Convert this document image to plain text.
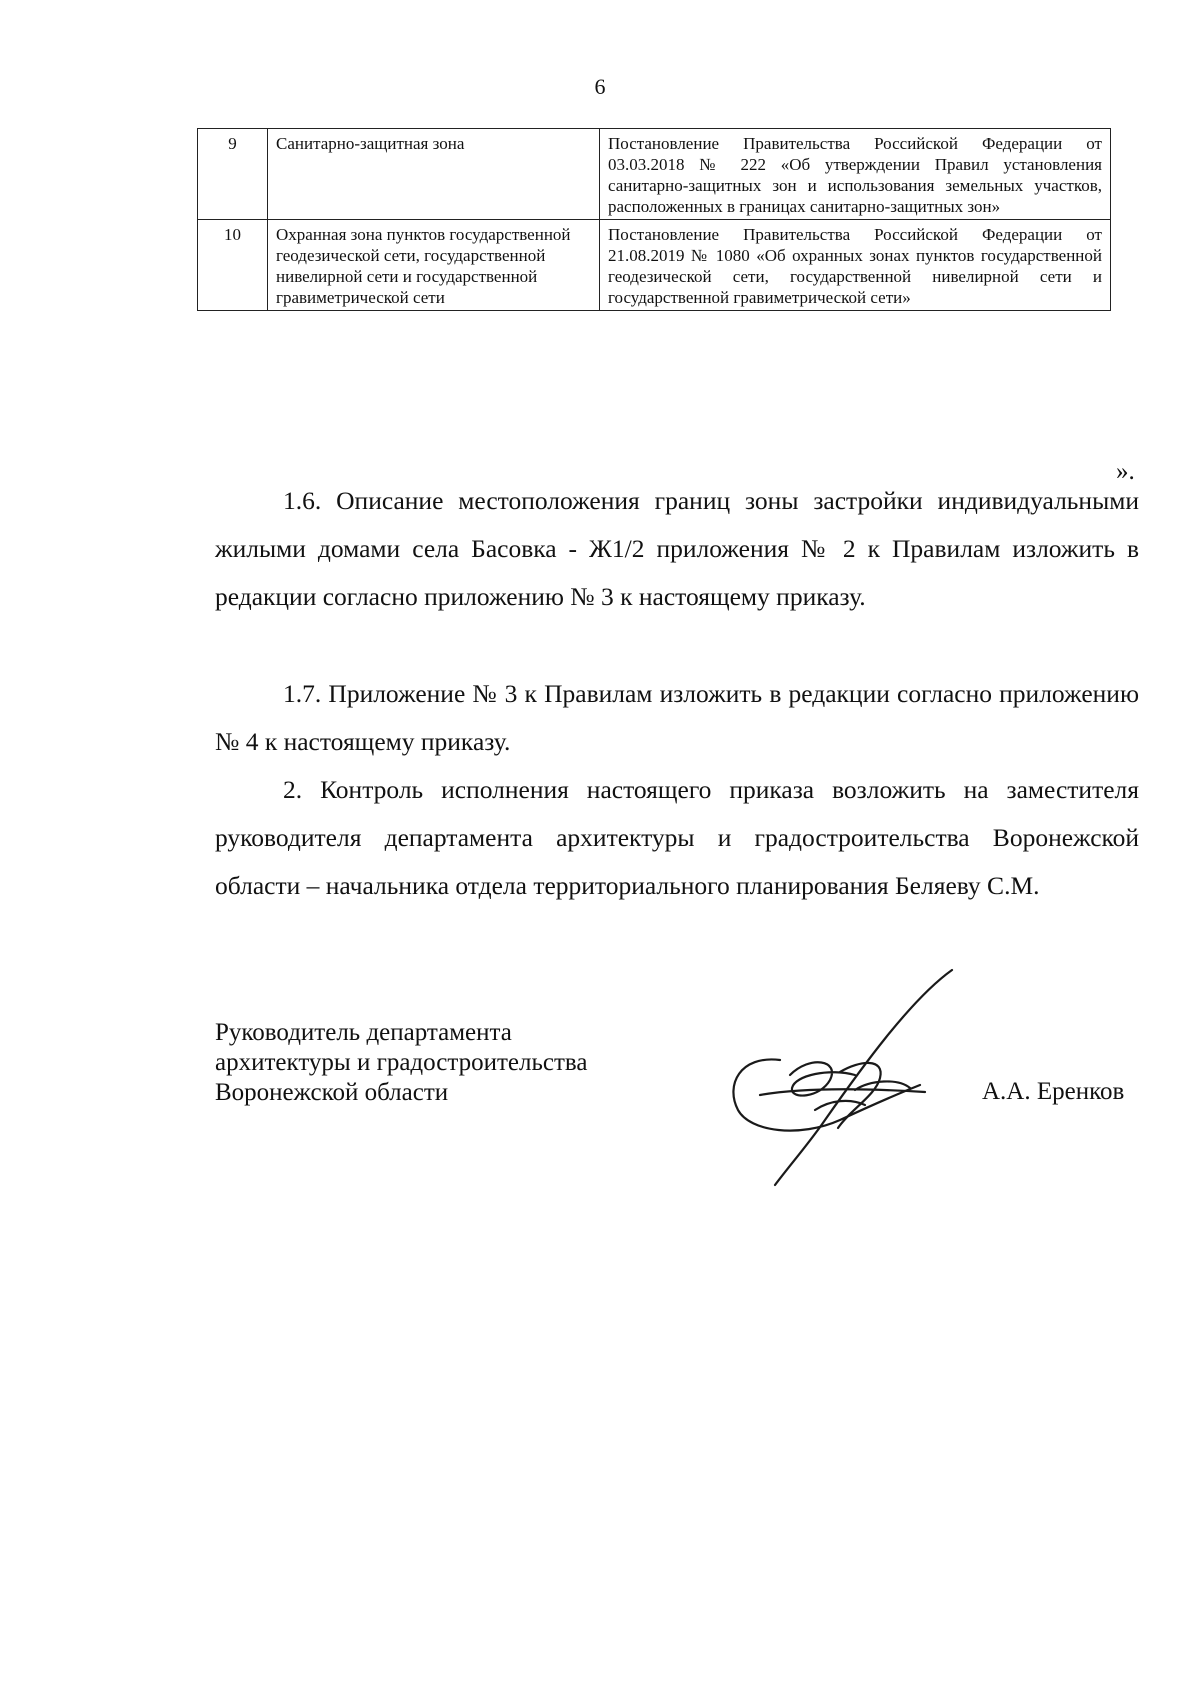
6
9	Санитарно-защитная зона	Постановление Правительства Российской Федерации от 03.03.2018 № 222 «Об утверждении Правил установления санитарно-защитных зон и использования земельных участков, расположенных в границах санитарно-защитных зон»
10	Охранная зона пунктов государственной геодезической сети, государственной нивелирной сети и государственной гравиметрической сети	Постановление Правительства Российской Федерации от 21.08.2019 № 1080 «Об охранных зонах пунктов государственной геодезической сети, государственной нивелирной сети и государственной гравиметрической сети»
».

1.6. Описание местоположения границ зоны застройки индивидуальными жилыми домами села Басовка - Ж1/2 приложения № 2 к Правилам изложить в редакции согласно приложению № 3 к настоящему приказу.

1.7. Приложение № 3 к Правилам изложить в редакции согласно приложению № 4 к настоящему приказу.

2. Контроль исполнения настоящего приказа возложить на заместителя руководителя департамента архитектуры и градостроительства Воронежской области – начальника отдела территориального планирования Беляеву С.М.

Руководитель департамента
архитектуры и градостроительства
Воронежской области	А.А. Еренков
